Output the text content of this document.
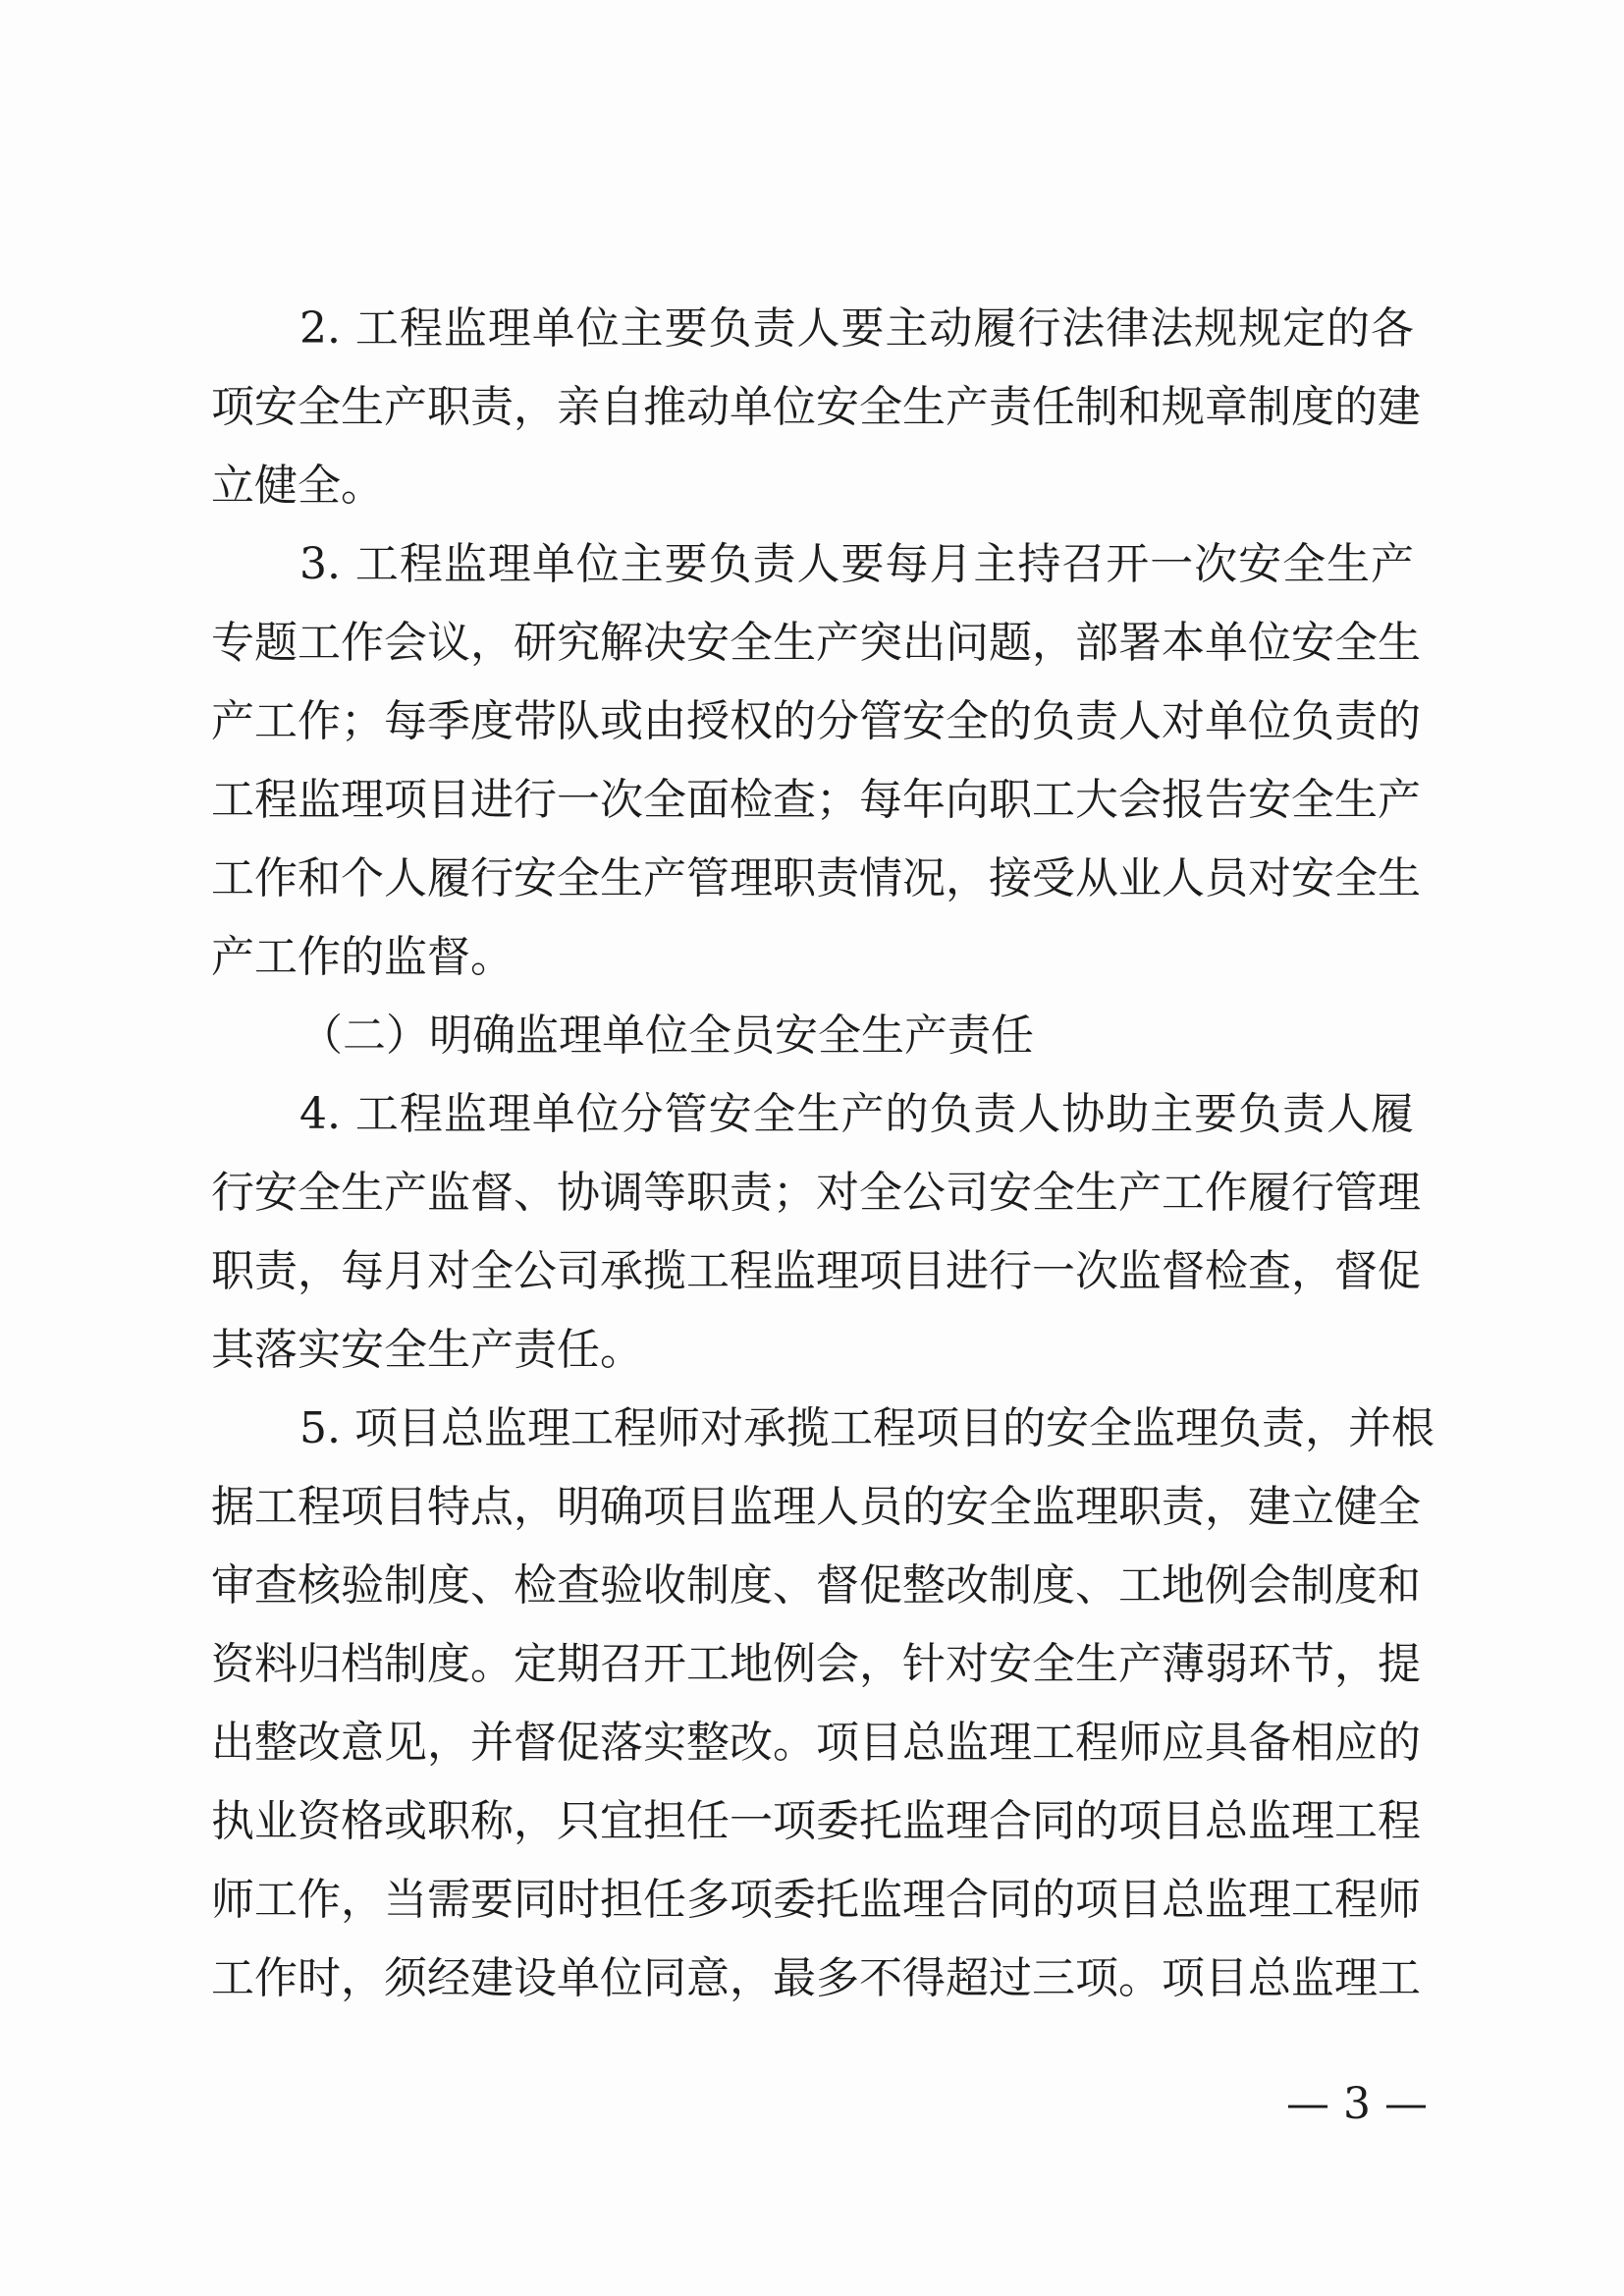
2. 工程监理单位主要负责人要主动履行法律法规规定的各
项安全生产职责，亲自推动单位安全生产责任制和规章制度的建
立健全。
3. 工程监理单位主要负责人要每月主持召开一次安全生产
专题工作会议，研究解决安全生产突出问题，部署本单位安全生
产工作；每季度带队或由授权的分管安全的负责人对单位负责的
工程监理项目进行一次全面检查；每年向职工大会报告安全生产
工作和个人履行安全生产管理职责情况，接受从业人员对安全生
产工作的监督。
（二）明确监理单位全员安全生产责任
4. 工程监理单位分管安全生产的负责人协助主要负责人履
行安全生产监督、协调等职责；对全公司安全生产工作履行管理
职责，每月对全公司承揽工程监理项目进行一次监督检查，督促
其落实安全生产责任。
5. 项目总监理工程师对承揽工程项目的安全监理负责，并根
据工程项目特点，明确项目监理人员的安全监理职责，建立健全
审查核验制度、检查验收制度、督促整改制度、工地例会制度和
资料归档制度。定期召开工地例会，针对安全生产薄弱环节，提
出整改意见，并督促落实整改。项目总监理工程师应具备相应的
执业资格或职称，只宜担任一项委托监理合同的项目总监理工程
师工作，当需要同时担任多项委托监理合同的项目总监理工程师
工作时，须经建设单位同意，最多不得超过三项。项目总监理工
— 3 —
